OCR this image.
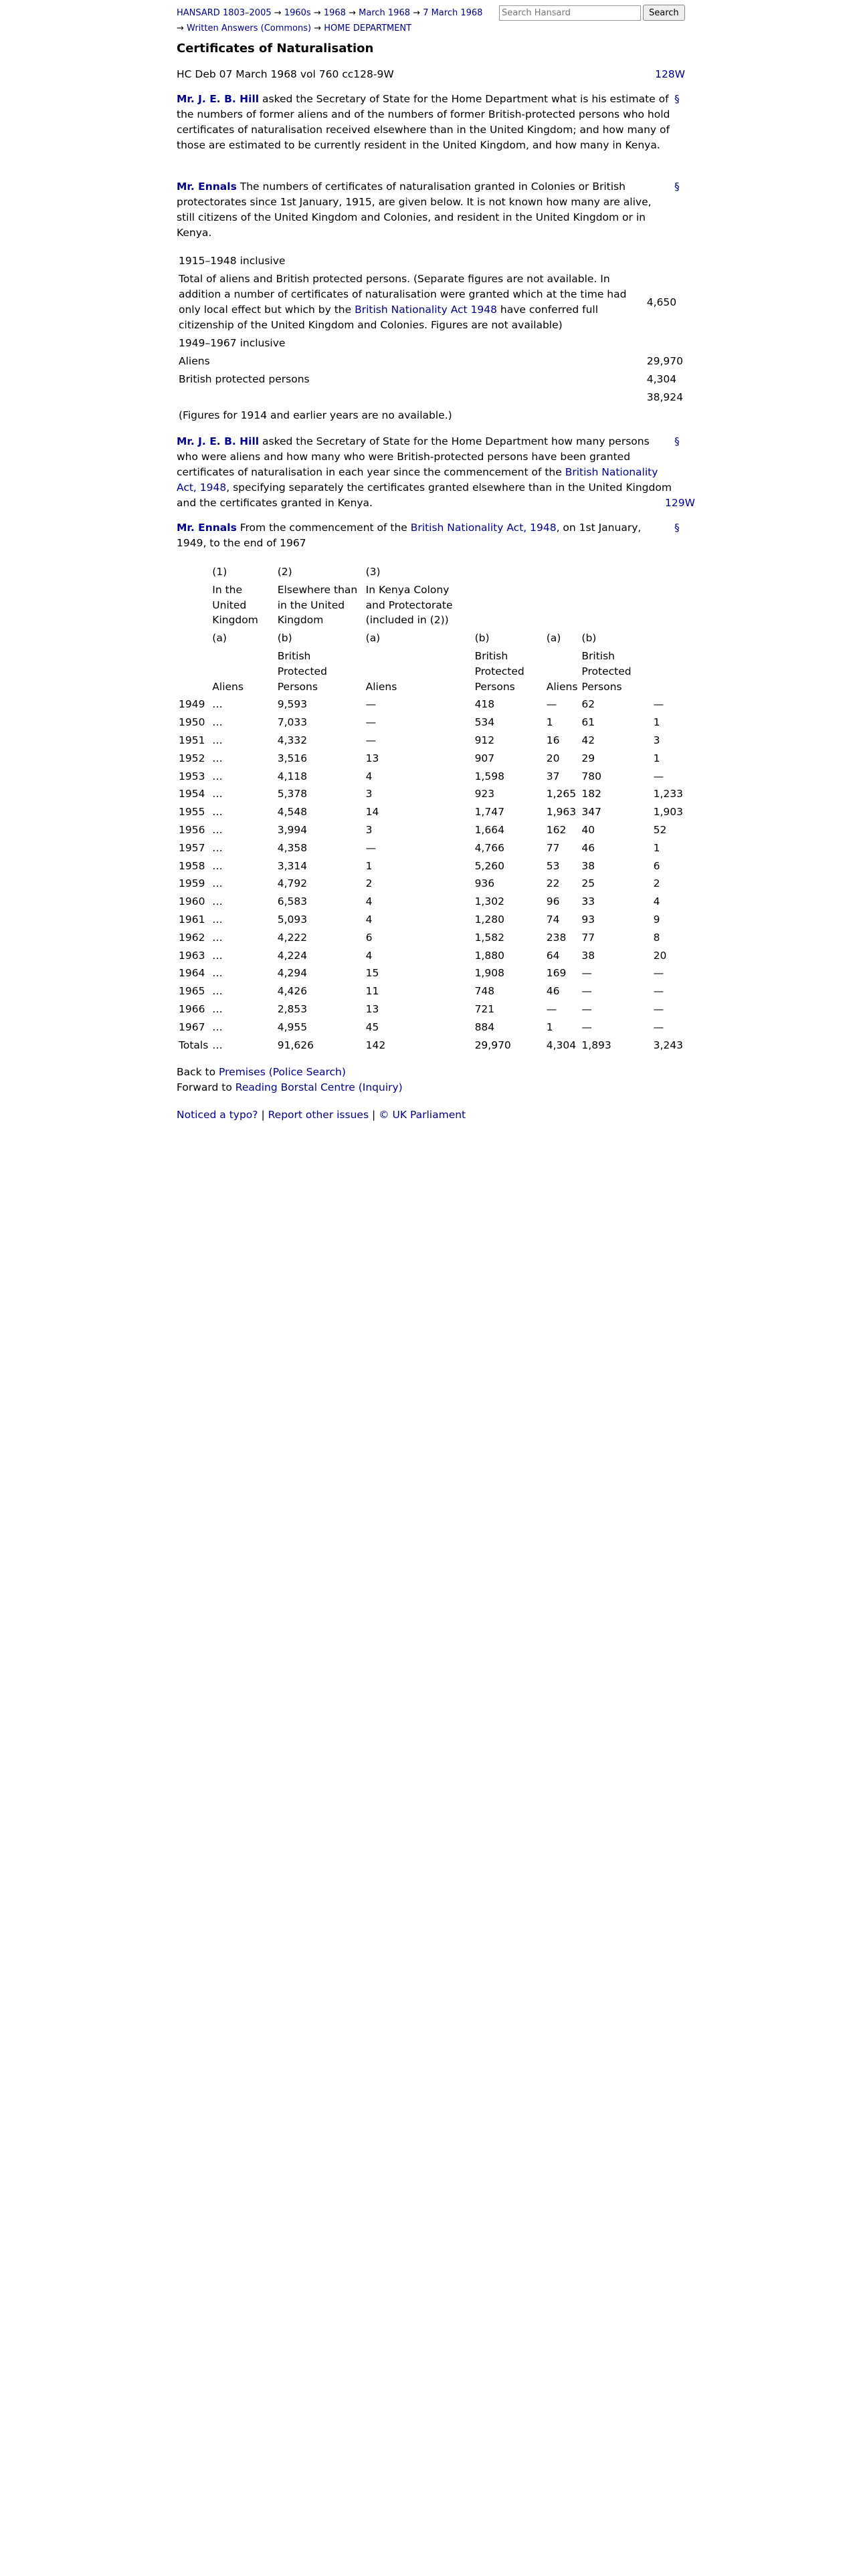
HANSARD 1803–2005 → 1960s → 1968 → March 1968 → 7 March 1968 → Written Answers (Commons) → HOME DEPARTMENT
Search HansardSearch
Certificates of Naturalisation
HC Deb 07 March 1968 vol 760 cc128-9W	128W
Mr. J. E. B. Hill asked the Secretary of State for the Home Department what is his estimate of the numbers of former aliens and of the numbers of former British-protected persons who hold certificates of naturalisation received elsewhere than in the United Kingdom; and how many of those are estimated to be currently resident in the United Kingdom, and how many in Kenya.
§
Mr. Ennals The numbers of certificates of naturalisation granted in Colonies or British protectorates since 1st January, 1915, are given below. It is not known how many are alive, still citizens of the United Kingdom and Colonies, and resident in the United Kingdom or in Kenya.
§
1915–1948 inclusive	
Total of aliens and British protected persons. (Separate figures are not available. In addition a number of certificates of naturalisation were granted which at the time had only local effect but which by the British Nationality Act 1948 have conferred full citizenship of the United Kingdom and Colonies. Figures are not available)	4,650
1949–1967 inclusive	
Aliens	29,970
British protected persons	4,304
	38,924
(Figures for 1914 and earlier years are no available.)	
Mr. J. E. B. Hill asked the Secretary of State for the Home Department how many persons who were aliens and how many who were British-protected persons have been granted certificates of naturalisation in each year since the commencement of the British Nationality Act, 1948, specifying separately the certificates granted elsewhere than in the United Kingdom and the certificates granted in Kenya.
§
129W
Mr. Ennals From the commencement of the British Nationality Act, 1948, on 1st January, 1949, to the end of 1967
§
	(1)	(2)	(3)				
	In the United Kingdom	Elsewhere than in the United Kingdom	In Kenya Colony and Protectorate (included in (2))				
	(a)	(b)	(a)	(b)	(a)	(b)	
	Aliens	British Protected Persons	Aliens	British Protected Persons	Aliens	British Protected Persons	
1949	…	9,593	—	418	—	62	—
1950	…	7,033	—	534	1	61	1
1951	…	4,332	—	912	16	42	3
1952	…	3,516	13	907	20	29	1
1953	…	4,118	4	1,598	37	780	—
1954	…	5,378	3	923	1,265	182	1,233
1955	…	4,548	14	1,747	1,963	347	1,903
1956	…	3,994	3	1,664	162	40	52
1957	…	4,358	—	4,766	77	46	1
1958	…	3,314	1	5,260	53	38	6
1959	…	4,792	2	936	22	25	2
1960	…	6,583	4	1,302	96	33	4
1961	…	5,093	4	1,280	74	93	9
1962	…	4,222	6	1,582	238	77	8
1963	…	4,224	4	1,880	64	38	20
1964	…	4,294	15	1,908	169	—	—
1965	…	4,426	11	748	46	—	—
1966	…	2,853	13	721	—	—	—
1967	…	4,955	45	884	1	—	—
Totals	…	91,626	142	29,970	4,304	1,893	3,243
Back to Premises (Police Search)
Forward to Reading Borstal Centre (Inquiry)
Noticed a typo? | Report other issues | © UK Parliament
